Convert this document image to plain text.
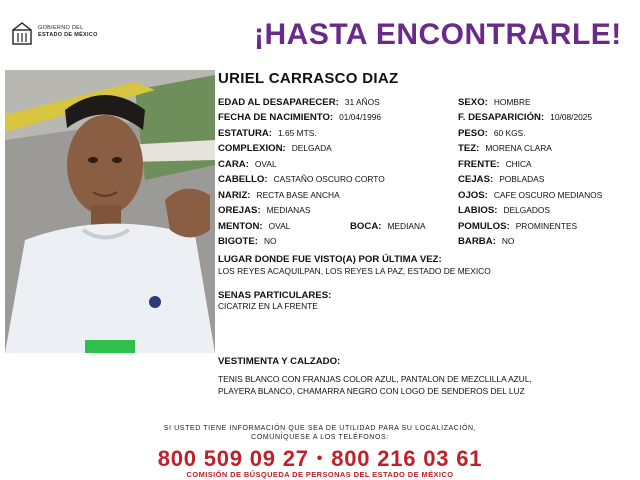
GOBIERNO DEL
ESTADO DE MÉXICO	¡HASTA ENCONTRARLE!
URIEL CARRASCO DIAZ
EDAD AL DESAPARECER: 31 AÑOS
FECHA DE NACIMIENTO: 01/04/1996
ESTATURA: 1.65 MTS.
COMPLEXION: DELGADA
CARA: OVAL
CABELLO: CASTAÑO OSCURO CORTO
NARIZ: RECTA BASE ANCHA
OREJAS: MEDIANAS
MENTON: OVAL	BOCA: MEDIANA
BIGOTE: NO
SEXO: HOMBRE
F. DESAPARICIÓN: 10/08/2025
PESO: 60 KGS.
TEZ: MORENA CLARA
FRENTE: CHICA
CEJAS: POBLADAS
OJOS: CAFE OSCURO MEDIANOS
LABIOS: DELGADOS
POMULOS: PROMINENTES
BARBA: NO
LUGAR DONDE FUE VISTO(A) POR ÚLTIMA VEZ:
LOS REYES ACAQUILPAN, LOS REYES LA PAZ, ESTADO DE MEXICO
SENAS PARTICULARES:
CICATRIZ EN LA FRENTE
VESTIMENTA Y CALZADO:
TENIS BLANCO CON FRANJAS COLOR AZUL, PANTALON DE MEZCLILLA AZUL,
PLAYERA BLANCO, CHAMARRA NEGRO CON LOGO DE SENDEROS DEL LUZ
SI USTED TIENE INFORMACIÓN QUE SEA DE UTILIDAD PARA SU LOCALIZACIÓN,
COMUNÍQUESE A LOS TELÉFONOS:
800 509 09 27 • 800 216 03 61
COMISIÓN DE BÚSQUEDA DE PERSONAS DEL ESTADO DE MÉXICO
